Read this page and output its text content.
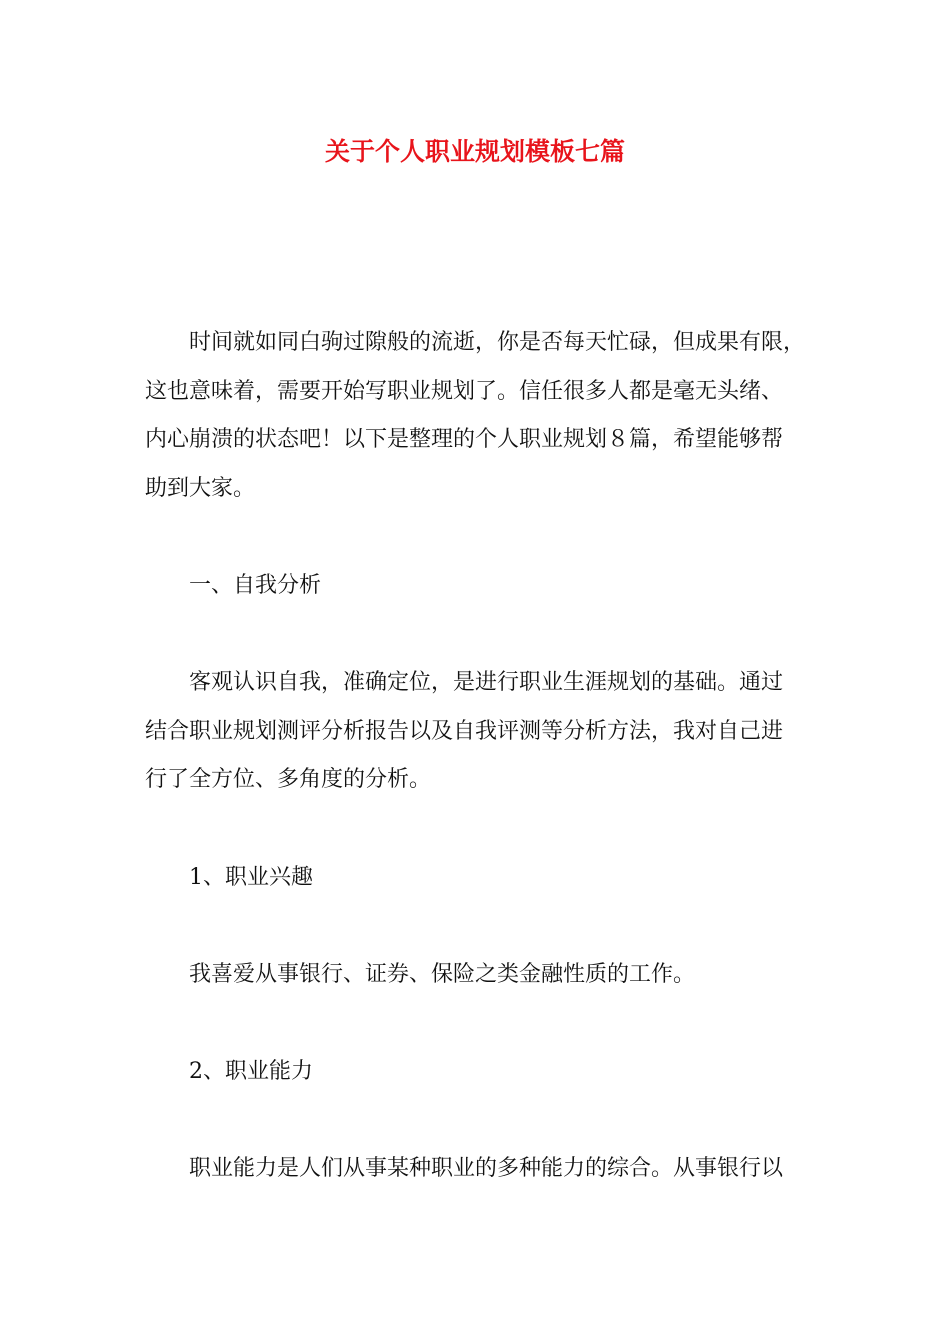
关于个人职业规划模板七篇
时间就如同白驹过隙般的流逝，你是否每天忙碌，但成果有限，
这也意味着，需要开始写职业规划了。信任很多人都是毫无头绪、
内心崩溃的状态吧！以下是整理的个人职业规划８篇，希望能够帮
助到大家。
一、自我分析
客观认识自我，准确定位，是进行职业生涯规划的基础。通过
结合职业规划测评分析报告以及自我评测等分析方法，我对自己进
行了全方位、多角度的分析。
1、职业兴趣
我喜爱从事银行、证券、保险之类金融性质的工作。
2、职业能力
职业能力是人们从事某种职业的多种能力的综合。从事银行以
